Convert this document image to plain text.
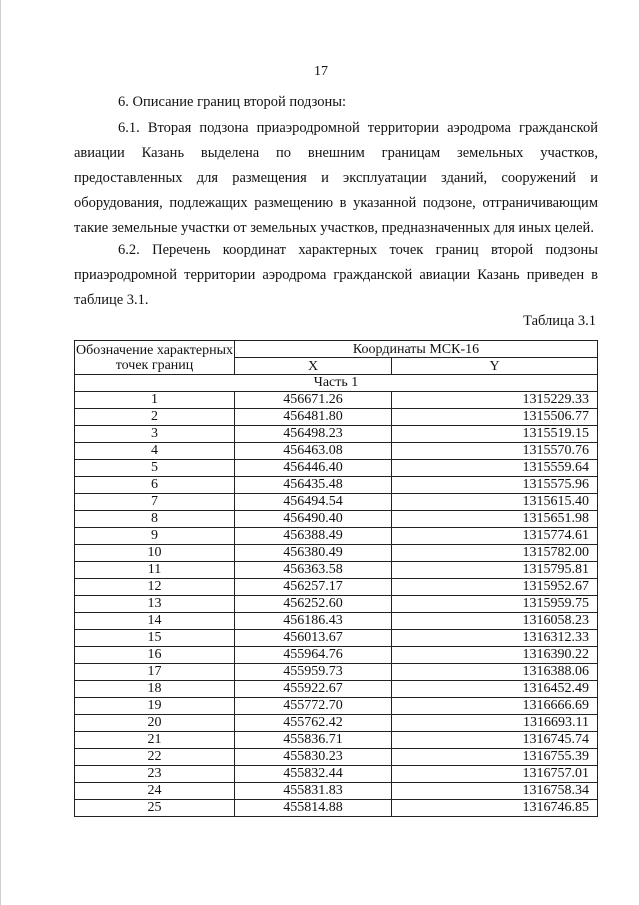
17

6. Описание границ второй подзоны:

6.1. Вторая подзона приаэродромной территории аэродрома гражданской авиации Казань выделена по внешним границам земельных участков, предоставленных для размещения и эксплуатации зданий, сооружений и оборудования, подлежащих размещению в указанной подзоне, отграничивающим такие земельные участки от земельных участков, предназначенных для иных целей.

6.2. Перечень координат характерных точек границ второй подзоны приаэродромной территории аэродрома гражданской авиации Казань приведен в таблице 3.1.

Таблица 3.1
Обозначение характерных точек границ	Координаты МСК-16	
	X	Y
Часть 1		
1	456671.26	1315229.33
2	456481.80	1315506.77
3	456498.23	1315519.15
4	456463.08	1315570.76
5	456446.40	1315559.64
6	456435.48	1315575.96
7	456494.54	1315615.40
8	456490.40	1315651.98
9	456388.49	1315774.61
10	456380.49	1315782.00
11	456363.58	1315795.81
12	456257.17	1315952.67
13	456252.60	1315959.75
14	456186.43	1316058.23
15	456013.67	1316312.33
16	455964.76	1316390.22
17	455959.73	1316388.06
18	455922.67	1316452.49
19	455772.70	1316666.69
20	455762.42	1316693.11
21	455836.71	1316745.74
22	455830.23	1316755.39
23	455832.44	1316757.01
24	455831.83	1316758.34
25	455814.88	1316746.85
